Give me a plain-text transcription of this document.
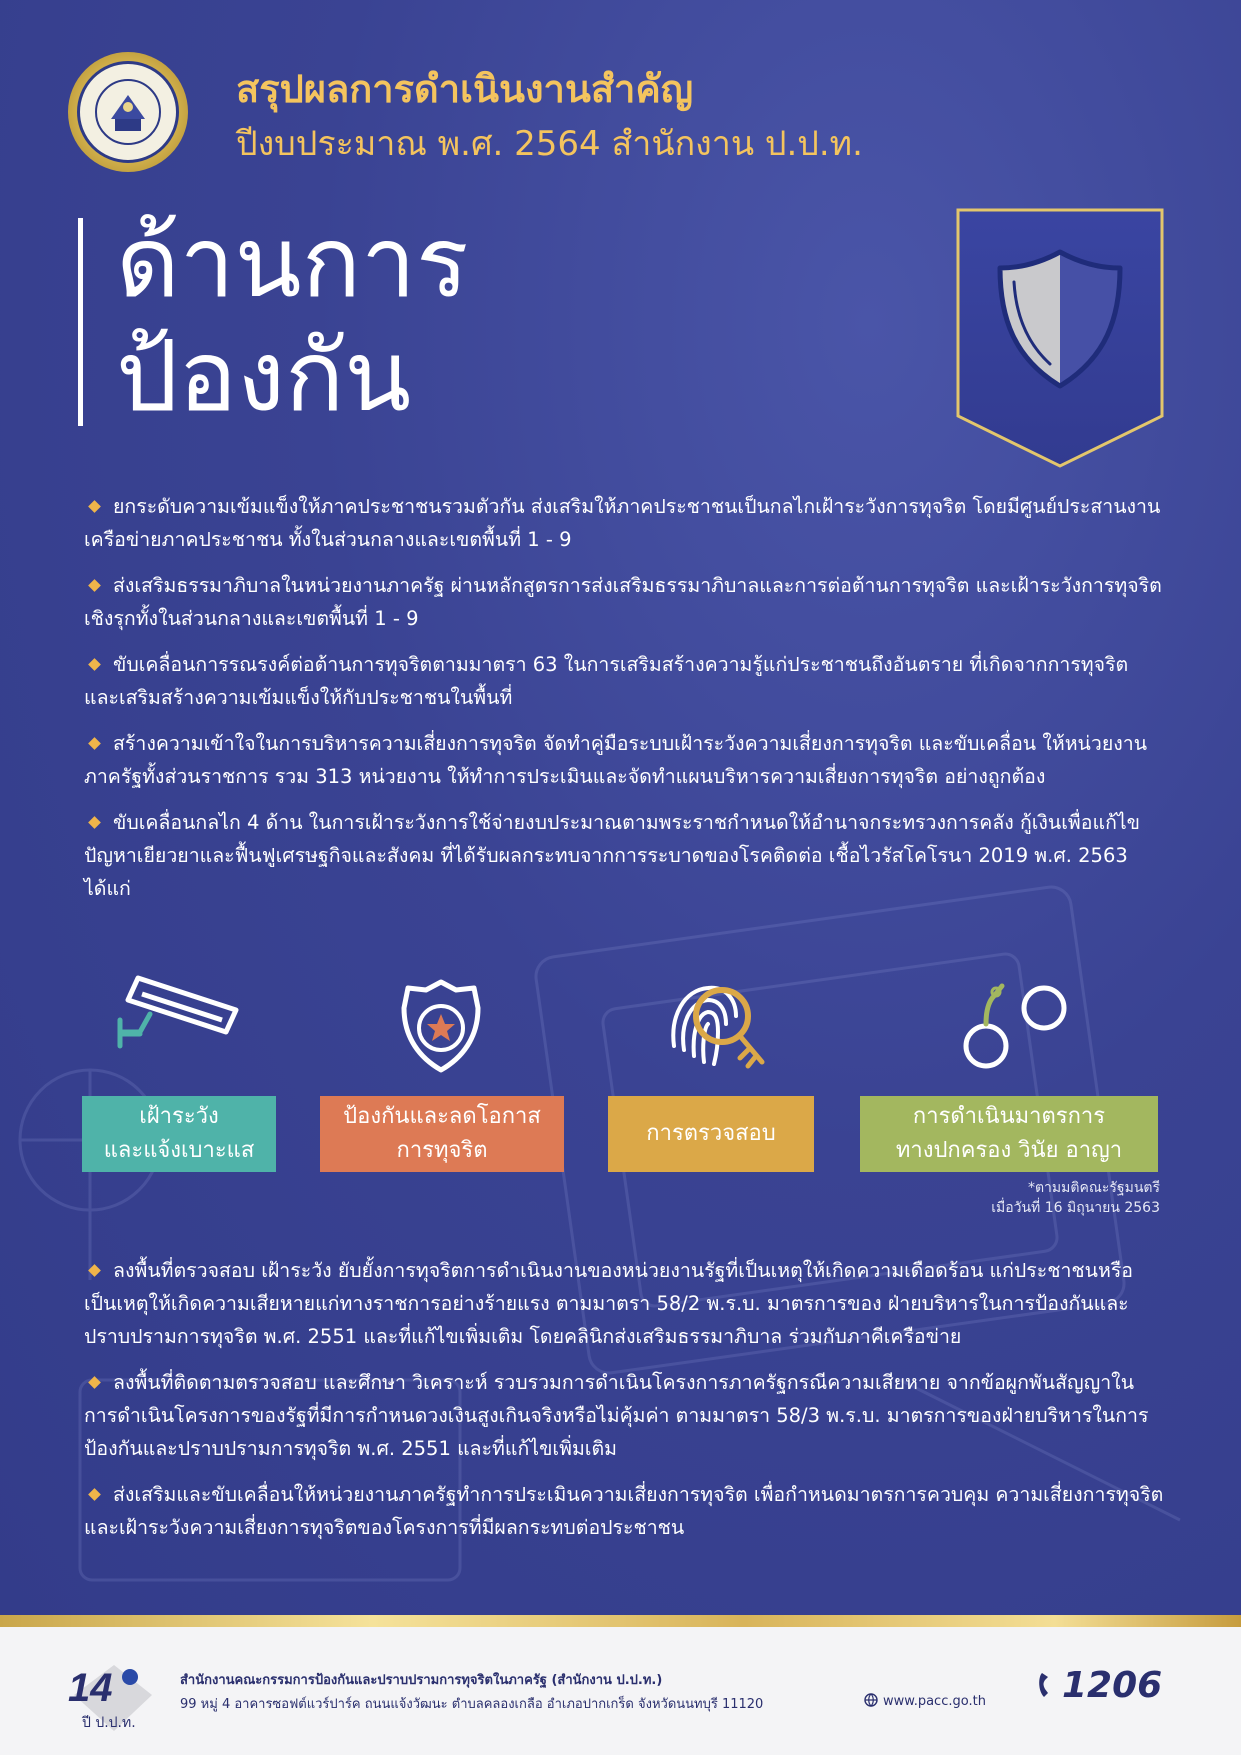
สรุปผลการดำเนินงานสำคัญ
ปีงบประมาณ พ.ศ. 2564 สำนักงาน ป.ป.ท.
ด้านการ
ป้องกัน
ยกระดับความเข้มแข็งให้ภาคประชาชนรวมตัวกัน ส่งเสริมให้ภาคประชาชนเป็นกลไกเฝ้าระวังการทุจริต โดยมีศูนย์ประสานงานเครือข่ายภาคประชาชน ทั้งในส่วนกลางและเขตพื้นที่ 1 - 9
ส่งเสริมธรรมาภิบาลในหน่วยงานภาครัฐ ผ่านหลักสูตรการส่งเสริมธรรมาภิบาลและการต่อต้านการทุจริต และเฝ้าระวังการทุจริตเชิงรุกทั้งในส่วนกลางและเขตพื้นที่ 1 - 9
ขับเคลื่อนการรณรงค์ต่อต้านการทุจริตตามมาตรา 63 ในการเสริมสร้างความรู้แก่ประชาชนถึงอันตราย ที่เกิดจากการทุจริต และเสริมสร้างความเข้มแข็งให้กับประชาชนในพื้นที่
สร้างความเข้าใจในการบริหารความเสี่ยงการทุจริต จัดทำคู่มือระบบเฝ้าระวังความเสี่ยงการทุจริต และขับเคลื่อน ให้หน่วยงานภาครัฐทั้งส่วนราชการ รวม 313 หน่วยงาน ให้ทำการประเมินและจัดทำแผนบริหารความเสี่ยงการทุจริต อย่างถูกต้อง
ขับเคลื่อนกลไก 4 ด้าน ในการเฝ้าระวังการใช้จ่ายงบประมาณตามพระราชกำหนดให้อำนาจกระทรวงการคลัง กู้เงินเพื่อแก้ไขปัญหาเยียวยาและฟื้นฟูเศรษฐกิจและสังคม ที่ได้รับผลกระทบจากการระบาดของโรคติดต่อ เชื้อไวรัสโคโรนา 2019 พ.ศ. 2563 ได้แก่
เฝ้าระวัง
และแจ้งเบาะแส
ป้องกันและลดโอกาส
การทุจริต
การตรวจสอบ
การดำเนินมาตรการ
ทางปกครอง วินัย อาญา
*ตามมติคณะรัฐมนตรี
เมื่อวันที่ 16 มิถุนายน 2563
ลงพื้นที่ตรวจสอบ เฝ้าระวัง ยับยั้งการทุจริตการดำเนินงานของหน่วยงานรัฐที่เป็นเหตุให้เกิดความเดือดร้อน แก่ประชาชนหรือเป็นเหตุให้เกิดความเสียหายแก่ทางราชการอย่างร้ายแรง ตามมาตรา 58/2 พ.ร.บ. มาตรการของ ฝ่ายบริหารในการป้องกันและปราบปรามการทุจริต พ.ศ. 2551 และที่แก้ไขเพิ่มเติม โดยคลินิกส่งเสริมธรรมาภิบาล ร่วมกับภาคีเครือข่าย
ลงพื้นที่ติดตามตรวจสอบ และศึกษา วิเคราะห์ รวบรวมการดำเนินโครงการภาครัฐกรณีความเสียหาย จากข้อผูกพันสัญญาในการดำเนินโครงการของรัฐที่มีการกำหนดวงเงินสูงเกินจริงหรือไม่คุ้มค่า ตามมาตรา 58/3 พ.ร.บ. มาตรการของฝ่ายบริหารในการป้องกันและปราบปรามการทุจริต พ.ศ. 2551 และที่แก้ไขเพิ่มเติม
ส่งเสริมและขับเคลื่อนให้หน่วยงานภาครัฐทำการประเมินความเสี่ยงการทุจริต เพื่อกำหนดมาตรการควบคุม ความเสี่ยงการทุจริตและเฝ้าระวังความเสี่ยงการทุจริตของโครงการที่มีผลกระทบต่อประชาชน
14
ปี ป.ป.ท.
สำนักงานคณะกรรมการป้องกันและปราบปรามการทุจริตในภาครัฐ (สำนักงาน ป.ป.ท.)
99 หมู่ 4 อาคารซอฟต์แวร์ปาร์ค ถนนแจ้งวัฒนะ ตำบลคลองเกลือ อำเภอปากเกร็ด จังหวัดนนทบุรี 11120	www.pacc.go.th	1206
